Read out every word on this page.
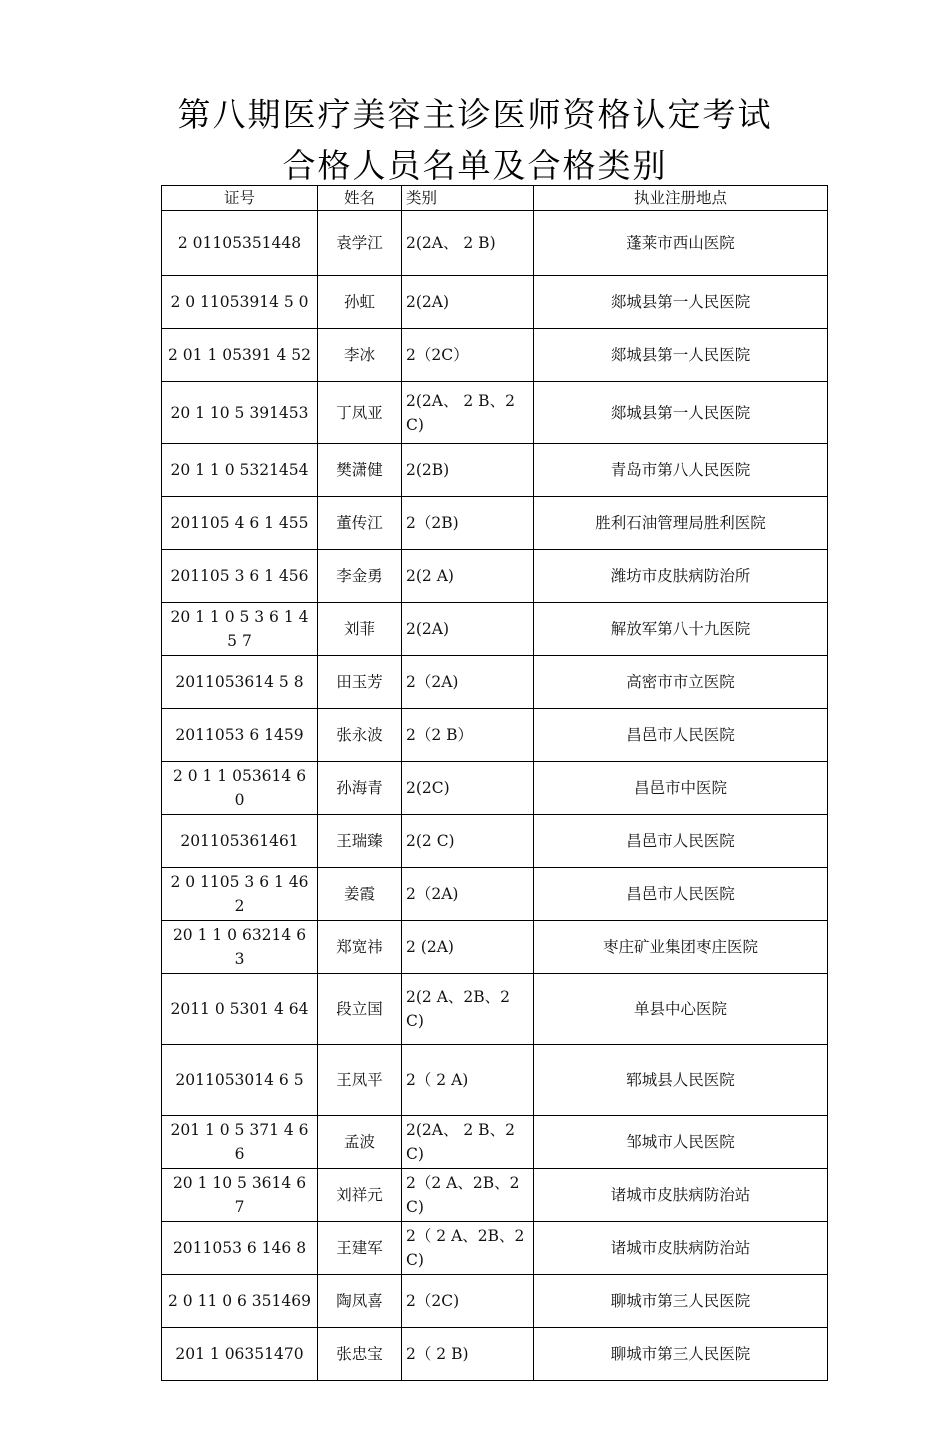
第八期医疗美容主诊医师资格认定考试
合格人员名单及合格类别
证号	姓名	类别	执业注册地点
2 01105351448	袁学江	2(2A、 2 B)	蓬莱市西山医院
2 0 11053914 5 0	孙虹	2(2A)	郯城县第一人民医院
2 01 1 05391 4 52	李冰	2（2C）	郯城县第一人民医院
20 1 10 5 391453	丁凤亚	2(2A、 2 B、2C)	郯城县第一人民医院
20 1 1 0 5321454	樊潇健	2(2B)	青岛市第八人民医院
201105 4 6 1 455	董传江	2（2B)	胜利石油管理局胜利医院
201105 3 6 1 456	李金勇	2(2 A)	潍坊市皮肤病防治所
20 1 1 0 5 3 6 1 4 5 7	刘菲	2(2A)	解放军第八十九医院
2011053614 5 8	田玉芳	2（2A)	高密市市立医院
2011053 6 1459	张永波	2（2 B）	昌邑市人民医院
2 0 1 1 053614 6 0	孙海青	2(2C)	昌邑市中医院
201105361461	王瑞臻	2(2 C)	昌邑市人民医院
2 0 1105 3 6 1 462	姜霞	2（2A)	昌邑市人民医院
20 1 1 0 63214 6 3	郑宽祎	2 (2A)	枣庄矿业集团枣庄医院
2011 0 5301 4 64	段立国	2(2 A、2B、2 C)	单县中心医院
2011053014 6 5	王凤平	2（ 2 A)	郓城县人民医院
201 1 0 5 371 4 6 6	孟波	2(2A、 2 B、2C)	邹城市人民医院
20 1 10 5 3614 6 7	刘祥元	2（2 A、2B、2C)	诸城市皮肤病防治站
2011053 6 146 8	王建军	2（ 2 A、2B、2C)	诸城市皮肤病防治站
2 0 11 0 6 351469	陶凤喜	2（2C)	聊城市第三人民医院
201 1 06351470	张忠宝	2（ 2 B)	聊城市第三人民医院
